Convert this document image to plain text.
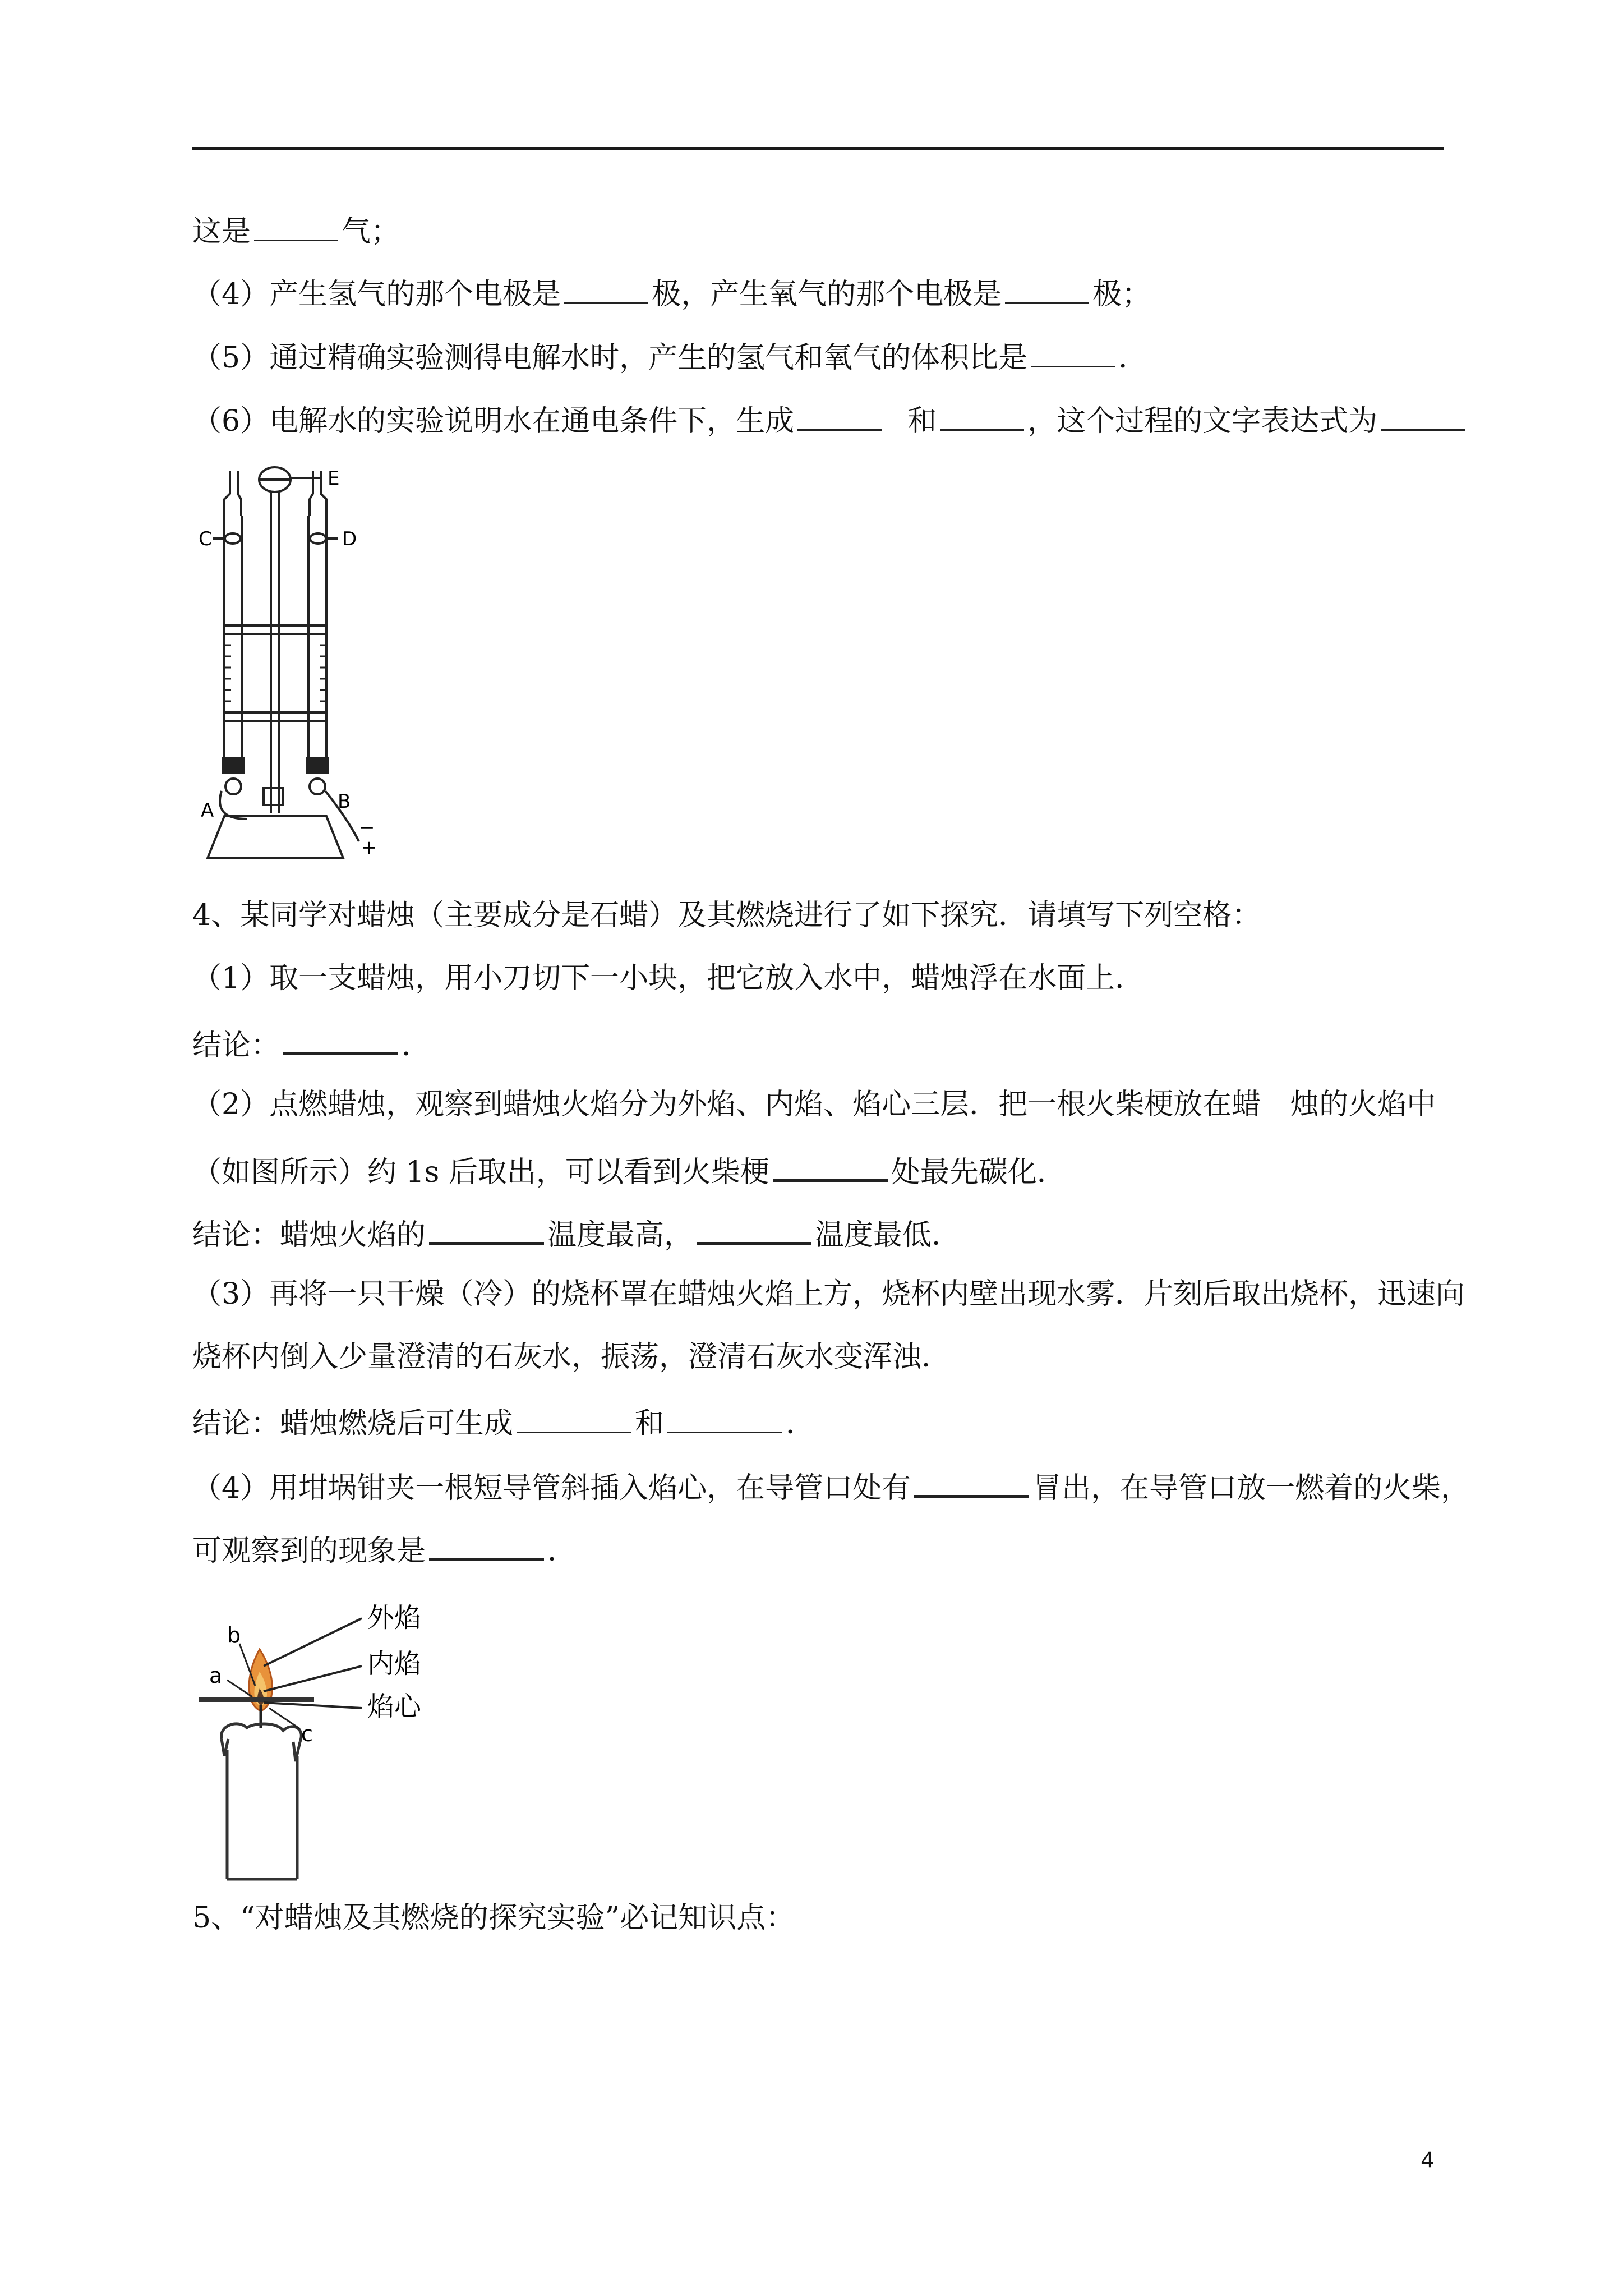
这是	气；
（4）产生氢气的那个电极是	极，产生氧气的那个电极是	极；
（5）通过精确实验测得电解水时，产生的氢气和氧气的体积比是	．
（6）电解水的实验说明水在通电条件下，生成	和	，这个过程的文字表达式为
E
C	D
A	B
−
+
4、某同学对蜡烛（主要成分是石蜡）及其燃烧进行了如下探究．请填写下列空格：
（1）取一支蜡烛，用小刀切下一小块，把它放入水中，蜡烛浮在水面上．
结论：	．
（2）点燃蜡烛，观察到蜡烛火焰分为外焰、内焰、焰心三层．把一根火柴梗放在蜡　烛的火焰中
（如图所示）约 1s 后取出，可以看到火柴梗	处最先碳化．
结论：蜡烛火焰的	温度最高，	温度最低．
（3）再将一只干燥（冷）的烧杯罩在蜡烛火焰上方，烧杯内壁出现水雾．片刻后取出烧杯，迅速向
烧杯内倒入少量澄清的石灰水，振荡，澄清石灰水变浑浊．
结论：蜡烛燃烧后可生成	和	．
（4）用坩埚钳夹一根短导管斜插入焰心，在导管口处有	冒出，在导管口放一燃着的火柴，
可观察到的现象是	．
外焰
内焰
焰心
b
a
c
5、“对蜡烛及其燃烧的探究实验”必记知识点：
4
